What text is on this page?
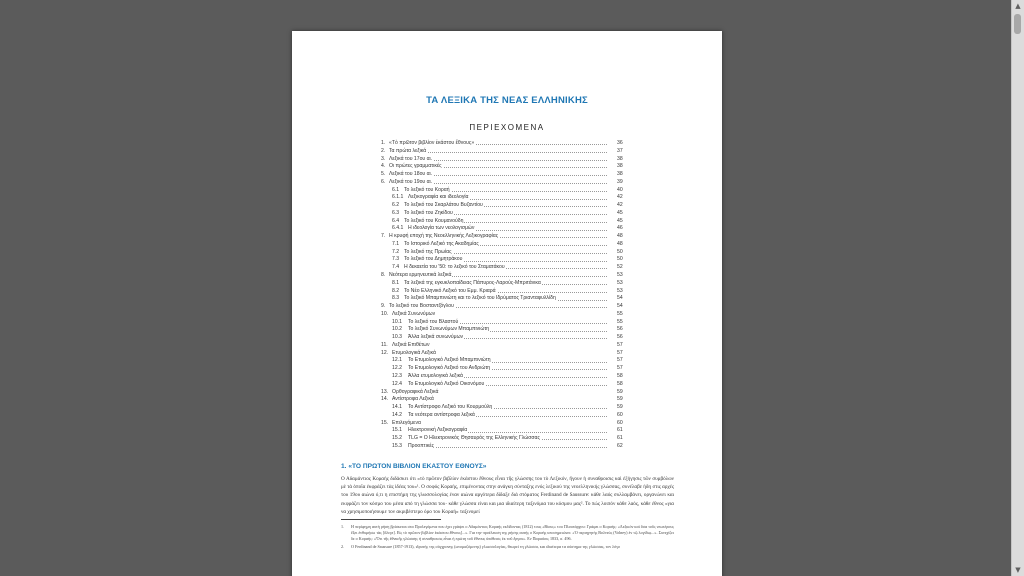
ΤΑ ΛΕΞΙΚΑ ΤΗΣ ΝΕΑΣ ΕΛΛΗΝΙΚΗΣ
ΠΕΡΙΕΧΟΜΕΝΑ
1. «Τὸ πρῶτον βιβλίον ἑκάστου ἔθνους»	36
2. Τα πρώτα λεξικά	37
3. Λεξικά του 17ου αι.	38
4. Οι πρώτες γραμματικές	38
5. Λεξικά του 18ου αι.	38
6. Λεξικά του 19ου αι.	39
6.1 Το λεξικό του Κοραή	40
6.1.1 Λεξικογραφία και ιδεολογία	42
6.2 Το λεξικό του Σκαρλάτου Βυζαντίου	42
6.3 Το λεξικό του Ζηκίδου	45
6.4 Το λεξικό του Κουμανούδη	45
6.4.1 Η ιδεολογία των νεολογισμών	46
7. Η κρυφή εποχή της Νεοελληνικής Λεξικογραφίας	48
7.1 Το Ιστορικό Λεξικό της Ακαδημίας	48
7.2 Το λεξικό της Πρωίας	50
7.3 Το λεξικό του Δημητράκου	50
7.4 Η δεκαετία του '50: το λεξικό του Σταματάκου	52
8. Νεότερα ερμηνευτικά λεξικά	53
8.1 Τα λεξικά της εγκυκλοπαίδειας Πάπυρος-Λαρούς-Μπριτάνικα	53
8.2 Το Νέο Ελληνικό Λεξικό του Εμμ. Κριαρά	53
8.3 Το λεξικό Μπαμπινιώτη και το λεξικό του Ιδρύματος Τριανταφυλλίδη	54
9. Το λεξικό του Βοσταντζόγλου	54
10. Λεξικά Συνωνύμων	55
10.1 Το λεξικό του Βλαστού	55
10.2 Το λεξικό Συνωνύμων Μπαμπινιώτη	56
10.3 Άλλα λεξικά συνωνύμων	56
11. Λεξικά Επιθέτων	57
12. Ετυμολογικά Λεξικά	57
12.1 Το Ετυμολογικό Λεξικό Μπαμπινιώτη	57
12.2 Το Ετυμολογικό Λεξικό του Ανδριώτη	57
12.3 Άλλα ετυμολογικά λεξικά	58
12.4 Το Ετυμολογικό Λεξικό Οικονόμου	58
13. Ορθογραφικά Λεξικά	59
14. Αντίστροφα Λεξικά	59
14.1 Το Αντίστροφο Λεξικό του Κουρμούλη	59
14.2 Τα νεότερα αντίστροφα λεξικά	60
15. Επιλεγόμενα	60
15.1 Ηλεκτρονική Λεξικογραφία	61
15.2 TLG = O Ηλεκτρονικός Θησαυρός της Ελληνικής Γλώσσας	61
15.3 Προοπτικές	62
1. «ΤΟ ΠΡΩΤΟΝ ΒΙΒΛΙΟΝ ΕΚΑΣΤΟΥ ΕΘΝΟΥΣ»
Ο Αδαμάντιος Κοραής διδάσκει ότι «τὸ πρῶτον βιβλίον ἑκάστου ἔθνους εἶναι τῆς γλώσσης του τὸ Λεξικόν, ἤγουν ἡ συναθροισις καὶ ἐξήγησις τῶν συμβόλων μὲ τὰ ὁποῖα ἐκφράζει τὰς ἰδέας του»¹. Ο σοφός Κοραής, επιμένοντας στην ανάγκη σύνταξης ενός λεξικού της νεοελληνικής γλώσσας, συνέλαβε ήδη στις αρχές του 19ου αιώνα ό,τι η επιστήμη της γλωσσολογίας έναν αιώνα αργότερα δίδαξε διά στόματος Ferdinand de Saussure: κάθε λαός συλλαμβάνει, οργανώνει και εκφράζει τον κόσμο του μέσα από τη γλώσσα του· κάθε γλώσσα είναι και μια ιδιαίτερη ταξινόμια του κόσμου μας². Το πώς λοιπόν κάθε λαός, κάθε έθνος «για να χρησιμοποιήσουμε τον ακριβέστερο όρο του Κοραή» ταξινομεί
1. Η περίφημη αυτή ρήση βρίσκεται στα Προλεγόμενα που έχει γράψει ο Αδαμάντιος Κοραής εκδίδοντας (1812) τους «Βίους» του Πλουτάρχου: Γράφει ο Κοραής: «Λεξικὸν καὶ ὅσα τοῦς νεωτέρους ἔξει ἐνθυμήσω τὰς [ὅλεγε]. Εἰς τὸ πρῶτον βιβλίον ἑκάστου ἔθνους]...». Για την προέλευση της ρήσης αυτής ο Κοραής υποσημειώνει: «Ὁ περιηγητὴς Βολνεὺς (Volney) ἐν τῷ λογίδιῳ...». Συνεχίζει δε ο Κοραής: «Ὅτι τῆς ἐθνικῆς γλώσσης ἡ συναθροισις εἶναι ἡ πρώτη τοῦ ἔθνους ὑπόθεσις ἐκ τοῦ ἔργου». Εν Παρισίοις 1833, σ. 496.
2. Ο Ferdinand de Saussure (1857-1913), ιδρυτής της σύγχρονης (ωνομαζόμενης) γλωσσολογίας, θεωρεί τη γλώσσα, και ιδιαίτερα τα σύστημα της γλώσσας, τον λόγο
▲
▼
